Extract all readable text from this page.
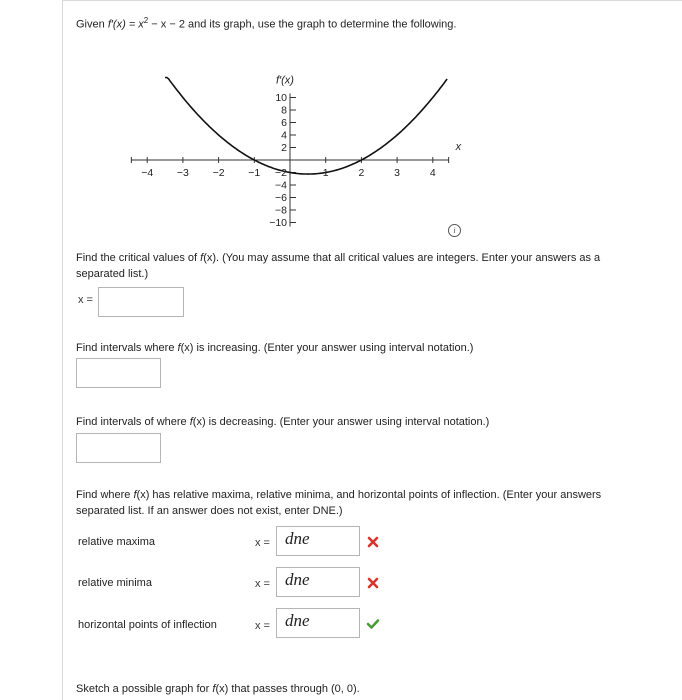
Given $f'(x) = x^2 - x - 2$ and its graph, use the graph to determine the following.
−4 −3 −2 −1	1	2	3	4
10
8
6
4
2
−2
−4
−6
−8
−10
f′(x)
x
i
Find the critical values of f(x). (You may assume that all critical values are integers. Enter your answers as a
separated list.)
x =
Find intervals where f(x) is increasing. (Enter your answer using interval notation.)
Find intervals of where f(x) is decreasing. (Enter your answer using interval notation.)
Find where f(x) has relative maxima, relative minima, and horizontal points of inflection. (Enter your answers
separated list. If an answer does not exist, enter DNE.)
relative maxima	x = dne
relative minima	x = dne
horizontal points of inflection	x = dne
Sketch a possible graph for f(x) that passes through (0, 0).
